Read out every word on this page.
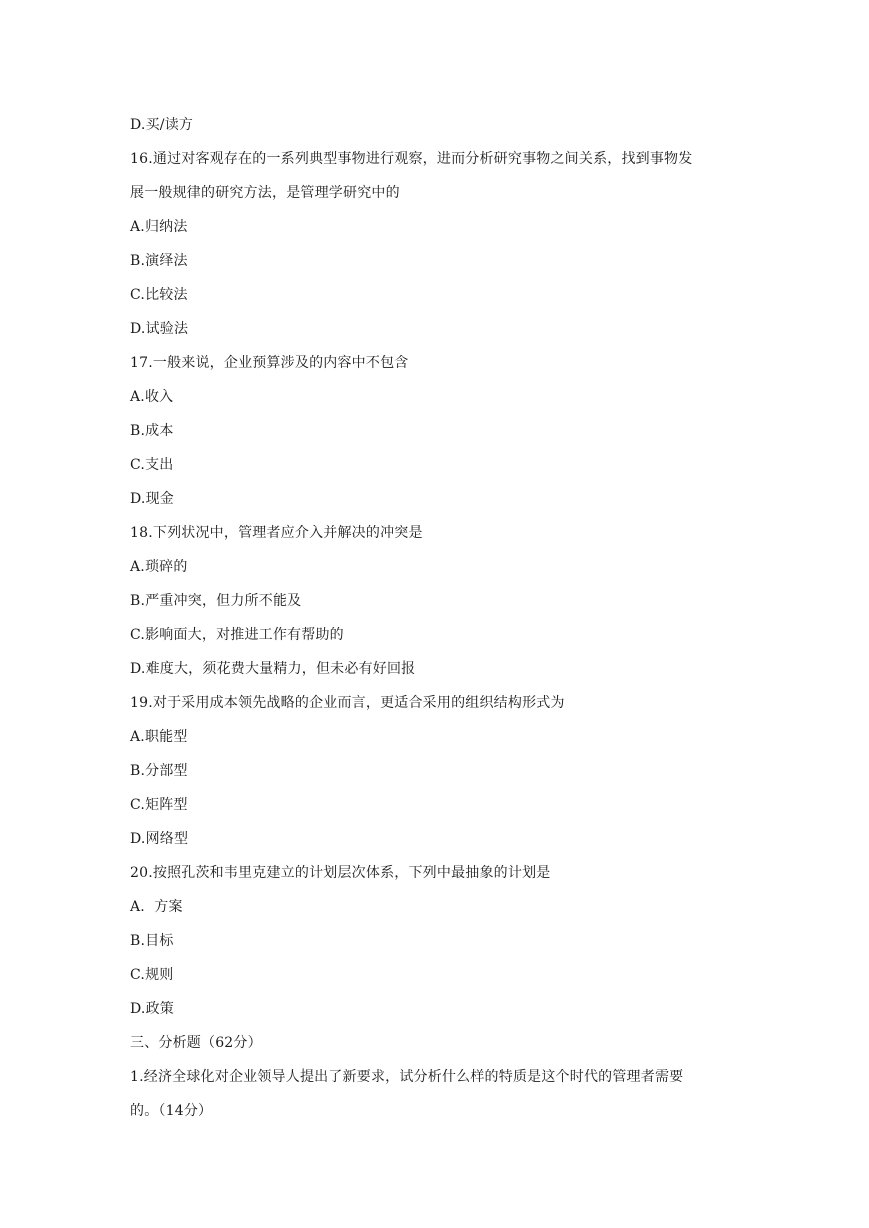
D.买/读方
16.通过对客观存在的一系列典型事物进行观察，进而分析研究事物之间关系，找到事物发
展一般规律的研究方法，是管理学研究中的
A.归纳法
B.演绎法
C.比较法
D.试验法
17.一般来说，企业预算涉及的内容中不包含
A.收入
B.成本
C.支出
D.现金
18.下列状况中，管理者应介入并解决的冲突是
A.琐碎的
B.严重冲突，但力所不能及
C.影响面大，对推进工作有帮助的
D.难度大，须花费大量精力，但未必有好回报
19.对于采用成本领先战略的企业而言，更适合采用的组织结构形式为
A.职能型
B.分部型
C.矩阵型
D.网络型
20.按照孔茨和韦里克建立的计划层次体系，下列中最抽象的计划是
A.  方案
B.目标
C.规则
D.政策
三、分析题（62分）
1.经济全球化对企业领导人提出了新要求，试分析什么样的特质是这个时代的管理者需要
的。（14分）
